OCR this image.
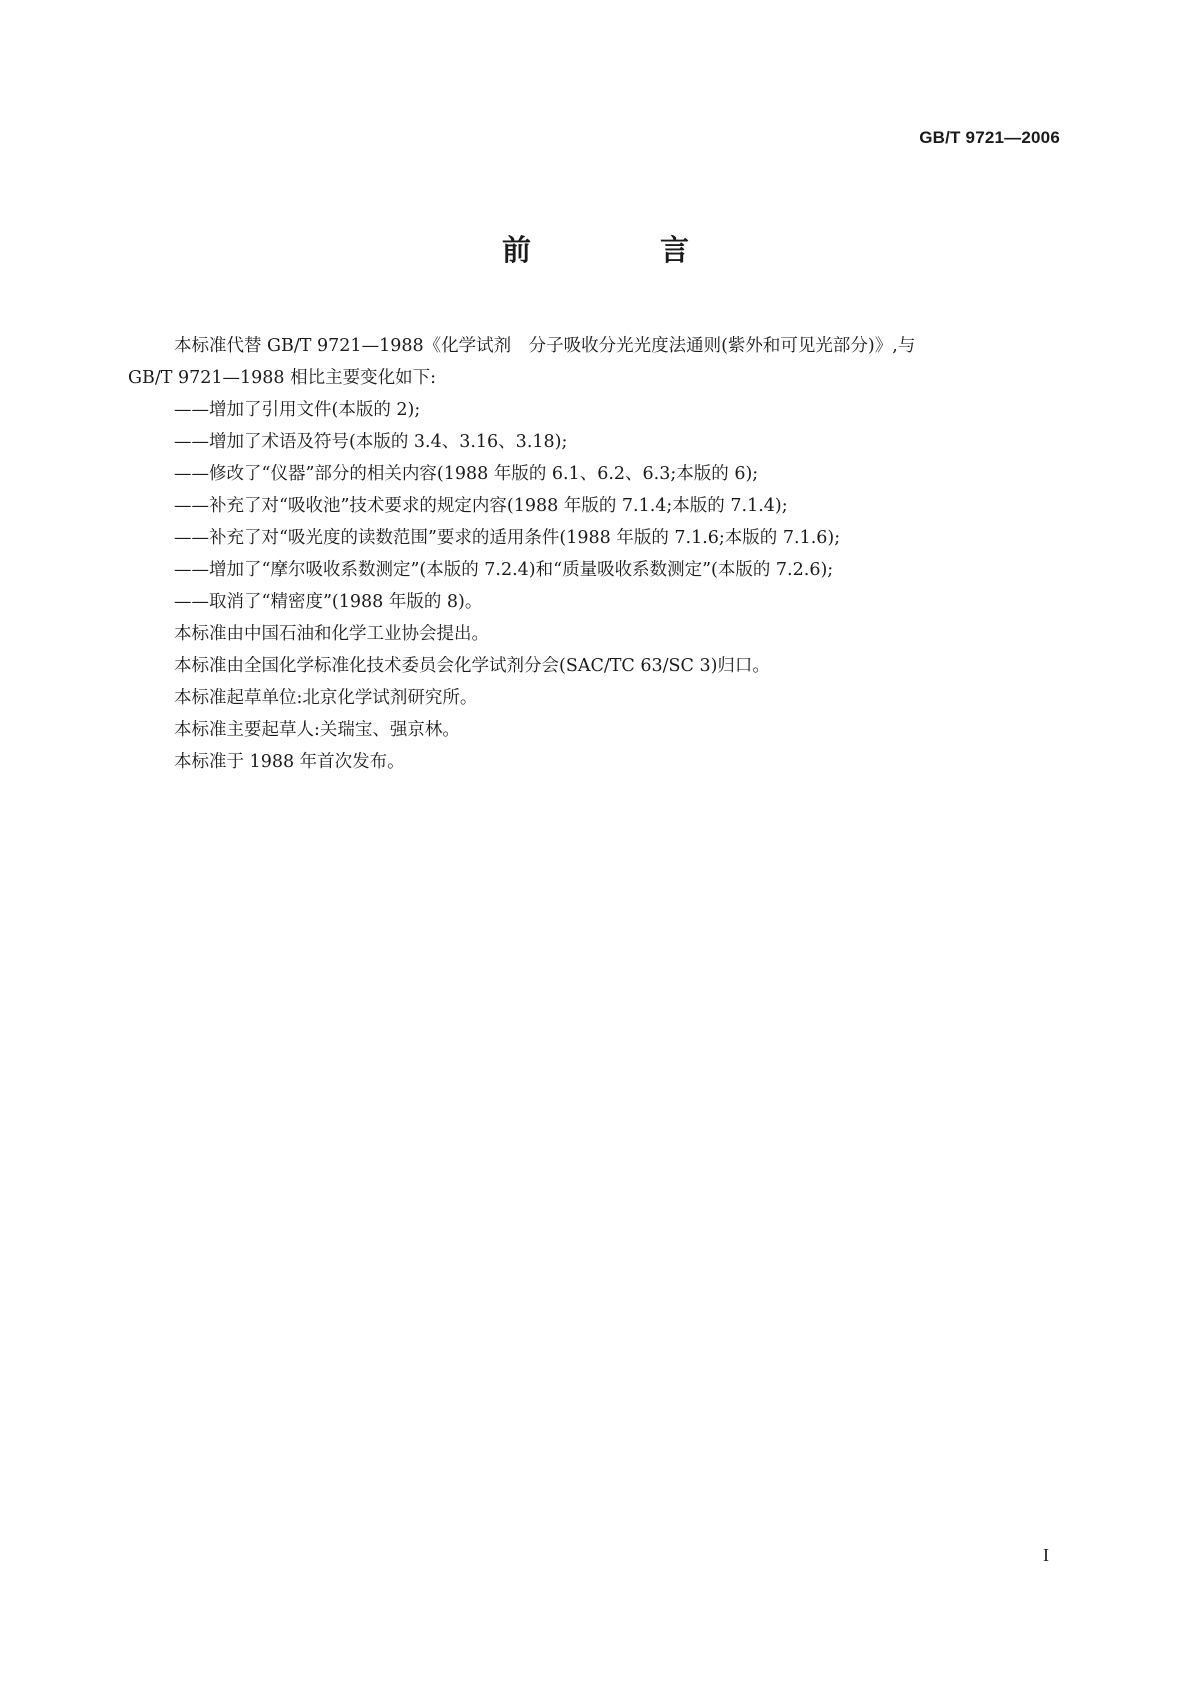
GB/T 9721—2006
前　言
本标准代替 GB/T 9721—1988《化学试剂　分子吸收分光光度法通则(紫外和可见光部分)》,与
GB/T 9721—1988 相比主要变化如下:
——增加了引用文件(本版的 2);
——增加了术语及符号(本版的 3.4、3.16、3.18);
——修改了“仪器”部分的相关内容(1988 年版的 6.1、6.2、6.3;本版的 6);
——补充了对“吸收池”技术要求的规定内容(1988 年版的 7.1.4;本版的 7.1.4);
——补充了对“吸光度的读数范围”要求的适用条件(1988 年版的 7.1.6;本版的 7.1.6);
——增加了“摩尔吸收系数测定”(本版的 7.2.4)和“质量吸收系数测定”(本版的 7.2.6);
——取消了“精密度”(1988 年版的 8)。
本标准由中国石油和化学工业协会提出。
本标准由全国化学标准化技术委员会化学试剂分会(SAC/TC 63/SC 3)归口。
本标准起草单位:北京化学试剂研究所。
本标准主要起草人:关瑞宝、强京林。
本标准于 1988 年首次发布。
I
